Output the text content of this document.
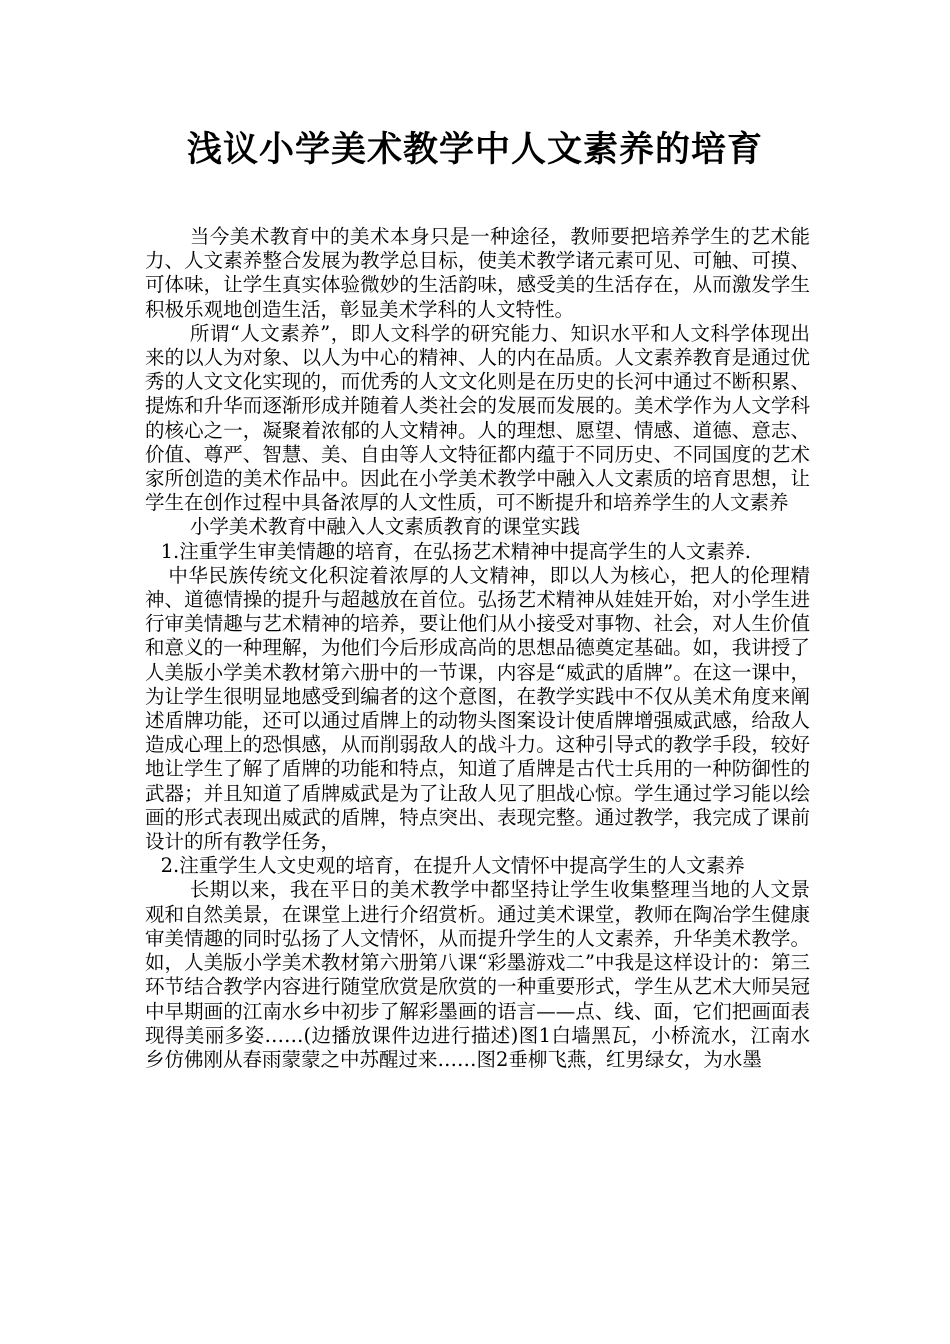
浅议小学美术教学中人文素养的培育

当今美术教育中的美术本身只是一种途径，教师要把培养学生的艺术能力、人文素养整合发展为教学总目标，使美术教学诸元素可见、可触、可摸、可体味，让学生真实体验微妙的生活韵味，感受美的生活存在，从而激发学生积极乐观地创造生活，彰显美术学科的人文特性。

所谓“人文素养”，即人文科学的研究能力、知识水平和人文科学体现出来的以人为对象、以人为中心的精神、人的内在品质。人文素养教育是通过优秀的人文文化实现的，而优秀的人文文化则是在历史的长河中通过不断积累、提炼和升华而逐渐形成并随着人类社会的发展而发展的。美术学作为人文学科的核心之一，凝聚着浓郁的人文精神。人的理想、愿望、情感、道德、意志、价值、尊严、智慧、美、自由等人文特征都内蕴于不同历史、不同国度的艺术家所创造的美术作品中。因此在小学美术教学中融入人文素质的培育思想，让学生在创作过程中具备浓厚的人文性质，可不断提升和培养学生的人文素养

小学美术教育中融入人文素质教育的课堂实践

1.注重学生审美情趣的培育，在弘扬艺术精神中提高学生的人文素养.

中华民族传统文化积淀着浓厚的人文精神，即以人为核心，把人的伦理精神、道德情操的提升与超越放在首位。弘扬艺术精神从娃娃开始，对小学生进行审美情趣与艺术精神的培养，要让他们从小接受对事物、社会，对人生价值和意义的一种理解，为他们今后形成高尚的思想品德奠定基础。如，我讲授了人美版小学美术教材第六册中的一节课，内容是“威武的盾牌”。在这一课中，为让学生很明显地感受到编者的这个意图，在教学实践中不仅从美术角度来阐述盾牌功能，还可以通过盾牌上的动物头图案设计使盾牌增强威武感，给敌人造成心理上的恐惧感，从而削弱敌人的战斗力。这种引导式的教学手段，较好地让学生了解了盾牌的功能和特点，知道了盾牌是古代士兵用的一种防御性的武器；并且知道了盾牌威武是为了让敌人见了胆战心惊。学生通过学习能以绘画的形式表现出威武的盾牌，特点突出、表现完整。通过教学，我完成了课前设计的所有教学任务，

2.注重学生人文史观的培育，在提升人文情怀中提高学生的人文素养

长期以来，我在平日的美术教学中都坚持让学生收集整理当地的人文景观和自然美景，在课堂上进行介绍赏析。通过美术课堂，教师在陶冶学生健康审美情趣的同时弘扬了人文情怀，从而提升学生的人文素养，升华美术教学。如，人美版小学美术教材第六册第八课“彩墨游戏二”中我是这样设计的：第三环节结合教学内容进行随堂欣赏是欣赏的一种重要形式，学生从艺术大师吴冠中早期画的江南水乡中初步了解彩墨画的语言——点、线、面，它们把画面表现得美丽多姿……(边播放课件边进行描述)图1白墙黑瓦，小桥流水，江南水乡仿佛刚从春雨蒙蒙之中苏醒过来……图2垂柳飞燕，红男绿女，为水墨
